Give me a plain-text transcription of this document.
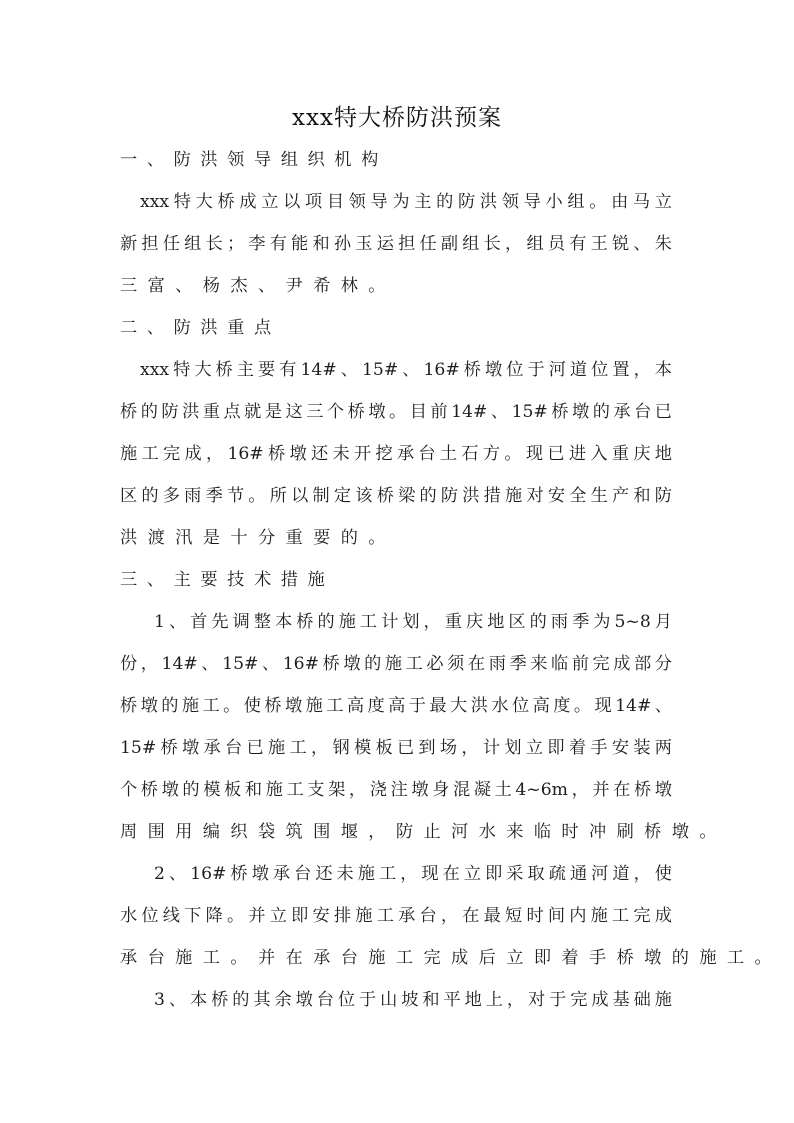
xxx特大桥防洪预案
一、防洪领导组织机构
xxx特大桥成立以项目领导为主的防洪领导小组。由马立
新担任组长；李有能和孙玉运担任副组长，组员有王锐、朱
三富、杨杰、尹希林。
二、防洪重点
xxx特大桥主要有14#、15#、16#桥墩位于河道位置，本
桥的防洪重点就是这三个桥墩。目前14#、15#桥墩的承台已
施工完成，16#桥墩还未开挖承台土石方。现已进入重庆地
区的多雨季节。所以制定该桥梁的防洪措施对安全生产和防
洪渡汛是十分重要的。
三、主要技术措施
1、首先调整本桥的施工计划，重庆地区的雨季为5~8月
份，14#、15#、16#桥墩的施工必须在雨季来临前完成部分
桥墩的施工。使桥墩施工高度高于最大洪水位高度。现14#、
15#桥墩承台已施工，钢模板已到场，计划立即着手安装两
个桥墩的模板和施工支架，浇注墩身混凝土4~6m，并在桥墩
周围用编织袋筑围堰，防止河水来临时冲刷桥墩。
2、16#桥墩承台还未施工，现在立即采取疏通河道，使
水位线下降。并立即安排施工承台，在最短时间内施工完成
承台施工。并在承台施工完成后立即着手桥墩的施工。
3、本桥的其余墩台位于山坡和平地上，对于完成基础施
